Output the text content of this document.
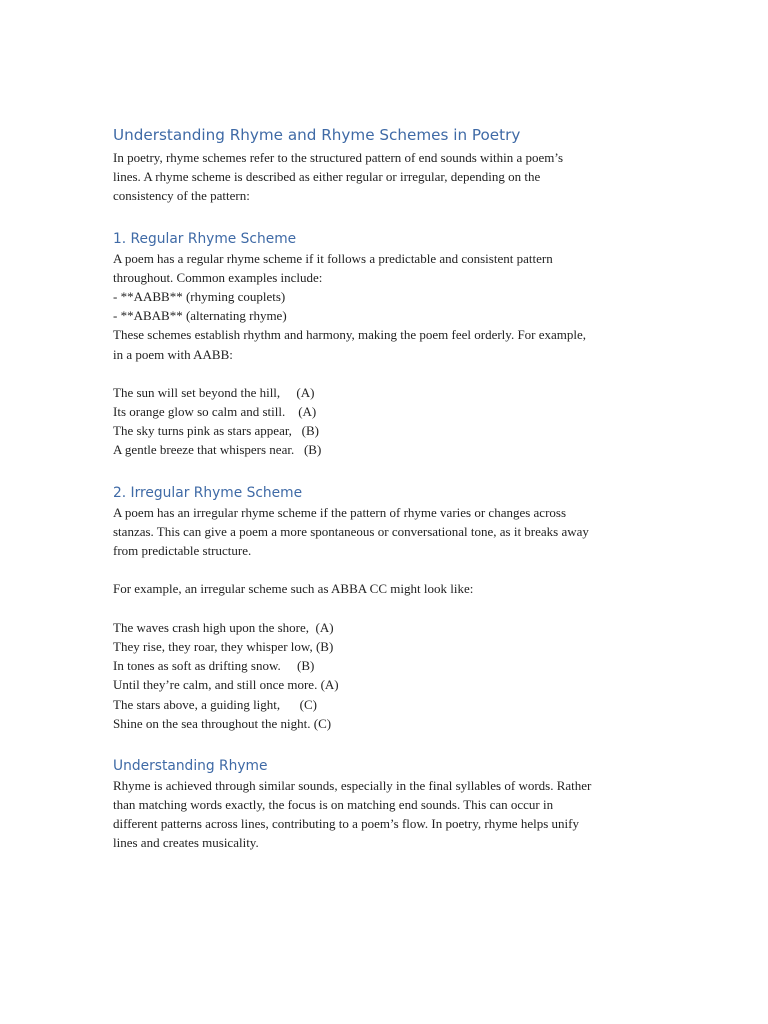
Understanding Rhyme and Rhyme Schemes in Poetry
In poetry, rhyme schemes refer to the structured pattern of end sounds within a poem’s
lines. A rhyme scheme is described as either regular or irregular, depending on the
consistency of the pattern:
1. Regular Rhyme Scheme
A poem has a regular rhyme scheme if it follows a predictable and consistent pattern
throughout. Common examples include:
- **AABB** (rhyming couplets)
- **ABAB** (alternating rhyme)
These schemes establish rhythm and harmony, making the poem feel orderly. For example,
in a poem with AABB:
The sun will set beyond the hill,     (A)
Its orange glow so calm and still.    (A)
The sky turns pink as stars appear,   (B)
A gentle breeze that whispers near.   (B)
2. Irregular Rhyme Scheme
A poem has an irregular rhyme scheme if the pattern of rhyme varies or changes across
stanzas. This can give a poem a more spontaneous or conversational tone, as it breaks away
from predictable structure.
For example, an irregular scheme such as ABBA CC might look like:
The waves crash high upon the shore,  (A)
They rise, they roar, they whisper low, (B)
In tones as soft as drifting snow.     (B)
Until they’re calm, and still once more. (A)
The stars above, a guiding light,      (C)
Shine on the sea throughout the night. (C)
Understanding Rhyme
Rhyme is achieved through similar sounds, especially in the final syllables of words. Rather
than matching words exactly, the focus is on matching end sounds. This can occur in
different patterns across lines, contributing to a poem’s flow. In poetry, rhyme helps unify
lines and creates musicality.
